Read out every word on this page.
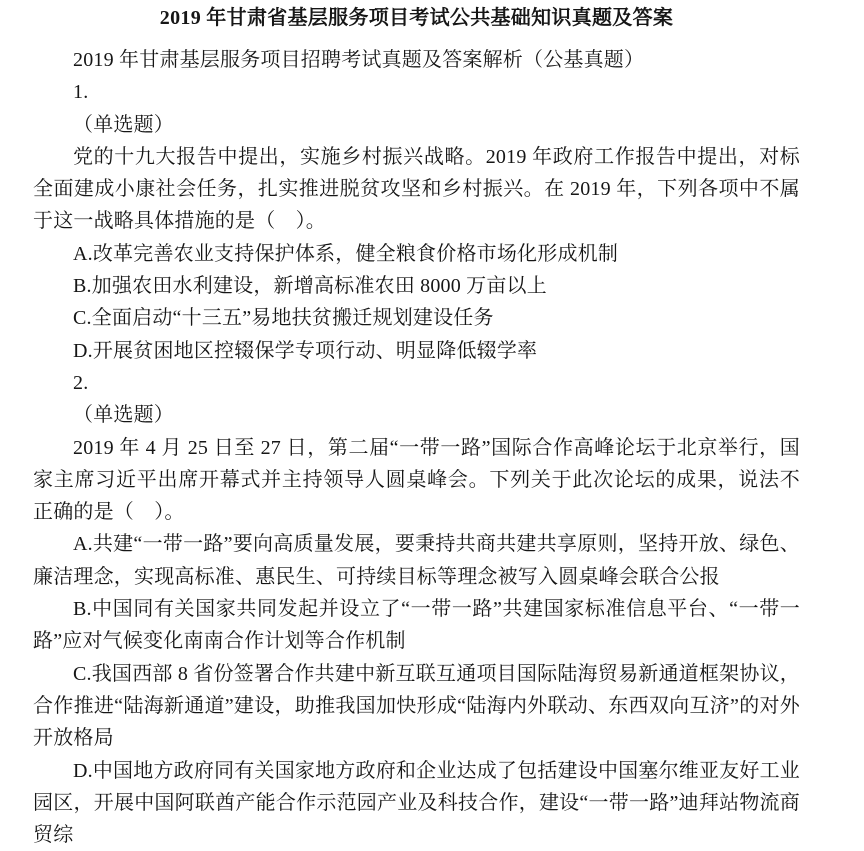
2019 年甘肃省基层服务项目考试公共基础知识真题及答案

2019 年甘肃基层服务项目招聘考试真题及答案解析（公基真题）

1.

（单选题）

党的十九大报告中提出，实施乡村振兴战略。2019 年政府工作报告中提出，对标全面建成小康社会任务，扎实推进脱贫攻坚和乡村振兴。在 2019 年，下列各项中不属于这一战略具体措施的是（　）。

A.改革完善农业支持保护体系，健全粮食价格市场化形成机制

B.加强农田水利建设，新增高标准农田 8000 万亩以上

C.全面启动“十三五”易地扶贫搬迁规划建设任务

D.开展贫困地区控辍保学专项行动、明显降低辍学率

2.

（单选题）

2019 年 4 月 25 日至 27 日，第二届“一带一路”国际合作高峰论坛于北京举行，国家主席习近平出席开幕式并主持领导人圆桌峰会。下列关于此次论坛的成果，说法不正确的是（　）。

A.共建“一带一路”要向高质量发展，要秉持共商共建共享原则，坚持开放、绿色、廉洁理念，实现高标准、惠民生、可持续目标等理念被写入圆桌峰会联合公报

B.中国同有关国家共同发起并设立了“一带一路”共建国家标准信息平台、“一带一路”应对气候变化南南合作计划等合作机制

C.我国西部 8 省份签署合作共建中新互联互通项目国际陆海贸易新通道框架协议，合作推进“陆海新通道”建设，助推我国加快形成“陆海内外联动、东西双向互济”的对外开放格局

D.中国地方政府同有关国家地方政府和企业达成了包括建设中国塞尔维亚友好工业园区，开展中国阿联酋产能合作示范园产业及科技合作，建设“一带一路”迪拜站物流商贸综
